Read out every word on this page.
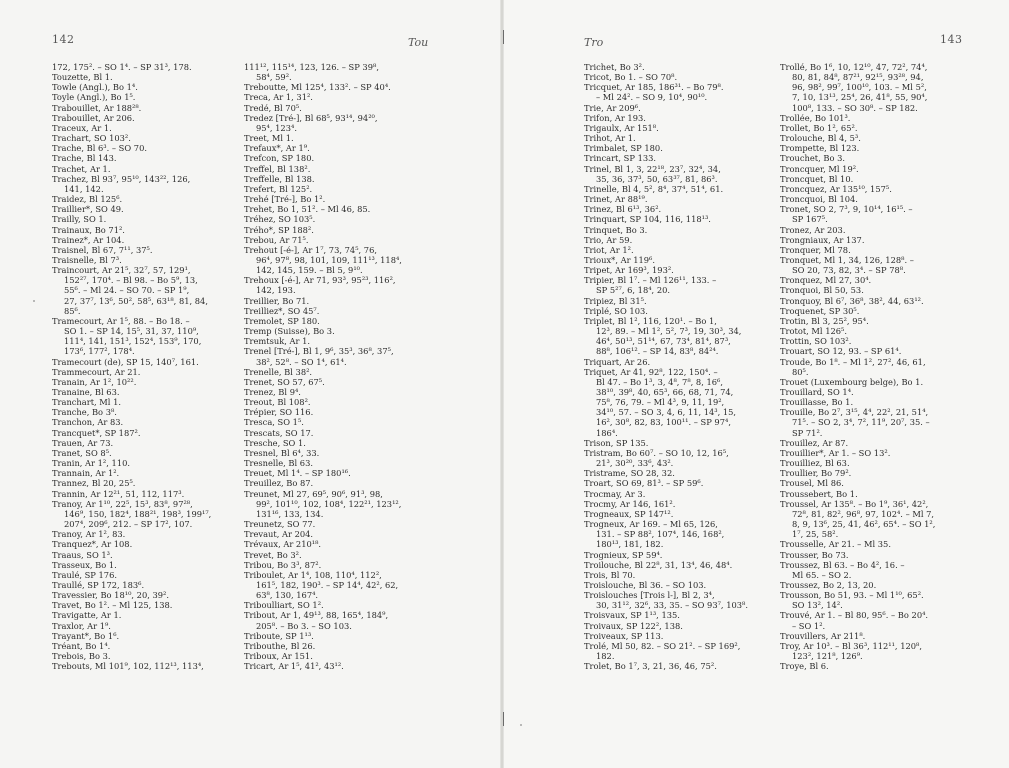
142	Tou
172, 175². – SO 1⁴. – SP 31³, 178.
Touzette, Bl 1.
Towle (Angl.), Bo 1⁴.
Toyle (Angl.), Bo 1⁵.
Trabouillet, Ar 188²⁸.
Trabouillet, Ar 206.
Traceux, Ar 1.
Trachart, SO 103².
Trache, Bl 6³. – SO 70.
Trache, Bl 143.
Trachet, Ar 1.
Trachez, Bl 93⁷, 95¹⁰, 143²², 126,
141, 142.
Traidez, Bl 125⁶.
Traillier*, SO 49.
Trailly, SO 1.
Trainaux, Bo 71².
Trainez*, Ar 104.
Traisnel, Bl 67, 7¹¹, 37⁵.
Traisnelle, Bl 7³.
Traincourt, Ar 21⁵, 32⁷, 57, 129¹,
152²⁷, 170⁴. – Bl 98. – Bo 5⁹, 13,
55⁶. – Ml 24. – SO 70. – SP 1⁹,
27, 37⁷, 13⁶, 50², 58⁵, 63¹⁸, 81, 84,
85⁶.
Tramecourt, Ar 1⁵, 88. – Bo 18. –
SO 1. – SP 14, 15⁵, 31, 37, 110⁹,
111⁴, 141, 151³, 152⁴, 153⁹, 170,
173⁶, 177², 178⁴.
Tramecourt (de), SP 15, 140⁷, 161.
Trammecourt, Ar 21.
Tranain, Ar 1², 10²².
Tranaine, Bl 63.
Tranchart, Ml 1.
Tranche, Bo 3⁸.
Tranchon, Ar 83.
Trancquet*, SP 187².
Trauen, Ar 73.
Tranet, SO 8⁵.
Tranin, Ar 1², 110.
Trannain, Ar 1².
Trannez, Bl 20, 25⁵.
Trannin, Ar 12²¹, 51, 112, 117³.
Tranoy, Ar 1¹⁰, 22⁵, 15³, 83⁸, 97²⁸,
146⁹, 150, 182⁴, 188²¹, 198³, 199¹⁷,
207⁴, 209⁶, 212. – SP 17², 107.
Tranoy, Ar 1², 83.
Tranquez*, Ar 108.
Traaus, SO 1³.
Trasseux, Bo 1.
Traulé, SP 176.
Traullé, SP 172, 183⁶.
Travessier, Bo 18¹⁰, 20, 39².
Travet, Bo 1². – Ml 125, 138.
Travigatte, Ar 1.
Traxlor, Ar 1⁹.
Trayant*, Bo 1⁶.
Tréant, Bo 1⁴.
Trebois, Bo 3.
Trebouts, Ml 101⁹, 102, 112¹³, 113⁴,
111¹², 115¹⁴, 123, 126. – SP 39⁸,
58⁴, 59².
Treboutte, Ml 125⁴, 133². – SP 40⁴.
Treca, Ar 1, 31².
Tredé, Bl 70⁵.
Tredez [Tré-], Bl 68⁵, 93¹⁴, 94²⁰,
95⁴, 123⁴.
Treet, Ml 1.
Trefaux*, Ar 1⁹.
Trefcon, SP 180.
Treffel, Bl 138².
Treffelle, Bl 138.
Trefert, Bl 125².
Trehé [Tré-], Bo 1².
Trehet, Bo 1, 51². – Ml 46, 85.
Tréhez, SO 103⁵.
Trého*, SP 188².
Trebou, Ar 71⁵.
Trehout [-é-], Ar 1⁷, 73, 74⁵, 76,
96⁴, 97⁸, 98, 101, 109, 111¹³, 118⁴,
142, 145, 159. – Bl 5, 9¹⁰.
Trehoux [-é-], Ar 71, 93³, 95²³, 116²,
142, 193.
Treillier, Bo 71.
Treilliez*, SO 45⁷.
Tremolet, SP 180.
Tremp (Suisse), Bo 3.
Tremtsuk, Ar 1.
Trenel [Tré-], Bl 1, 9⁶, 35³, 36⁸, 37⁵,
38², 52⁸. – SO 1⁴, 61⁴.
Trenelle, Bl 38².
Trenet, SO 57, 67⁵.
Trenez, Bl 9⁴.
Treout, Bl 108².
Trépier, SO 116.
Tresca, SO 1⁵.
Trescats, SO 17.
Tresche, SO 1.
Tresnel, Bl 6⁴, 33.
Tresnelle, Bl 63.
Treuet, Ml 1⁴. – SP 180¹⁶.
Treuillez, Bo 87.
Treunet, Ml 27, 69⁵, 90⁶, 91³, 98,
99², 101¹⁰, 102, 108⁴, 122²¹, 123¹²,
131¹⁶, 133, 134.
Treunetz, SO 77.
Trevaut, Ar 204.
Trévaux, Ar 210¹⁸.
Trevet, Bo 3².
Tribou, Bo 3³, 87².
Triboulet, Ar 1⁴, 108, 110⁴, 112²,
161⁵, 182, 190³. – SP 14⁴, 42², 62,
63⁸, 130, 167⁴.
Triboulliart, SO 1².
Tribout, Ar 1, 49¹³, 88, 165⁴, 184⁹,
205⁸. – Bo 3. – SO 103.
Triboute, SP 1¹³.
Tribouthe, Bl 26.
Triboux, Ar 151.
Tricart, Ar 1⁵, 41², 43¹².
Tro	143
Trichet, Bo 3².
Tricot, Bo 1. – SO 70⁸.
Tricquet, Ar 185, 186³¹. – Bo 79⁸.
– Ml 24². – SO 9, 10⁴, 90¹⁰.
Trie, Ar 209⁶.
Trifon, Ar 193.
Trigaulx, Ar 151⁸.
Trihot, Ar 1.
Trimbalet, SP 180.
Trincart, SP 133.
Trinel, Bl 1, 3, 22¹⁸, 23⁷, 32⁴, 34,
35, 36, 37³, 50, 63³⁷, 81, 86³.
Trinelle, Bl 4, 5², 8⁴, 37⁴, 51⁴, 61.
Trinet, Ar 88¹⁹.
Trinez, Bl 6¹³, 36².
Trinquart, SP 104, 116, 118¹³.
Trinquet, Bo 3.
Trio, Ar 59.
Triot, Ar 1².
Trioux*, Ar 119⁶.
Tripet, Ar 169³, 193².
Tripier, Bl 1⁷. – Ml 126¹¹, 133. –
SP 5²⁷, 6, 18⁴, 20.
Tripiez, Bl 31⁵.
Triplé, SO 103.
Triplet, Bl 1², 116, 120¹. – Bo 1,
12³, 89. – Ml 1², 5², 7³, 19, 30³, 34,
46⁴, 50¹³, 51¹⁴, 67, 73⁴, 81⁴, 87³,
88⁸, 106¹². – SP 14, 83⁸, 84²⁴.
Triquart, Ar 26.
Triquet, Ar 41, 92⁸, 122, 150⁴. –
Bl 47. – Bo 1³, 3, 4⁸, 7⁸, 8, 16⁶,
38¹⁰, 39⁸, 40, 65³, 66, 68, 71, 74,
75⁸, 76, 79. – Ml 4³, 9, 11, 19²,
34¹⁰, 57. – SO 3, 4, 6, 11, 14³, 15,
16², 30⁸, 82, 83, 100¹¹. – SP 97⁴,
186⁴.
Trison, SP 135.
Tristram, Bo 60⁷. – SO 10, 12, 16⁵,
21³, 30²⁰, 33⁶, 43².
Tristrame, SO 28, 32.
Troart, SO 69, 81³. – SP 59⁶.
Trocmay, Ar 3.
Trocmy, Ar 146, 161².
Trogneaux, SP 147¹².
Trogneux, Ar 169. – Ml 65, 126,
131. – SP 88², 107⁴, 146, 168²,
180¹³, 181, 182.
Trognieux, SP 59⁴.
Troilouche, Bl 22⁸, 31, 13⁴, 46, 48⁴.
Trois, Bl 70.
Troislouche, Bl 36. – SO 103.
Troislouches [Trois l-], Bl 2, 3⁴,
30, 31¹², 32⁶, 33, 35. – SO 93⁷, 103⁸.
Troisvaux, SP 1¹³, 135.
Troivaux, SP 122², 138.
Troiveaux, SP 113.
Trolé, Ml 50, 82. – SO 21². – SP 169²,
182.
Trolet, Bo 1⁷, 3, 21, 36, 46, 75².
Trollé, Bo 1⁶, 10, 12¹⁰, 47, 72², 74⁴,
80, 81, 84⁸, 87²¹, 92¹⁵, 93²⁸, 94,
96, 98², 99⁷, 100¹⁰, 103. – Ml 5²,
7, 10, 13¹³, 25⁴, 26, 41⁸, 55, 90⁴,
100⁸, 133. – SO 30⁸. – SP 182.
Trollée, Bo 101³.
Trollet, Bo 1², 65².
Trolouche, Bl 4, 5³.
Trompette, Bl 123.
Trouchet, Bo 3.
Troncquer, Ml 19².
Troncquet, Bl 10.
Troncquez, Ar 135¹⁰, 157⁵.
Troncquoi, Bl 104.
Tronet, SO 2, 7³, 9, 10¹⁴, 16¹⁵. –
SP 167⁵.
Tronez, Ar 203.
Trongniaux, Ar 137.
Tronquer, Ml 78.
Tronquet, Ml 1, 34, 126, 128⁸. –
SO 20, 73, 82, 3⁴. – SP 78⁸.
Tronquez, Ml 27, 30⁴.
Tronquoi, Bl 50, 53.
Tronquoy, Bl 6⁷, 36⁸, 38², 44, 63¹².
Troquenet, SP 30⁵.
Trotin, Bl 3, 25², 95⁴.
Trotot, Ml 126⁵.
Trottin, SO 103².
Trouart, SO 12, 93. – SP 61⁴.
Troude, Bo 1⁸. – Ml 1², 27², 46, 61,
80⁵.
Trouet (Luxembourg belge), Bo 1.
Trouillard, SO 1⁴.
Trouillasse, Bo 1.
Trouille, Bo 2⁷, 3¹⁵, 4⁴, 22², 21, 51⁴,
71⁵. – SO 2, 3⁴, 7², 11⁹, 20⁷, 35. –
SP 71².
Trouillez, Ar 87.
Trouillier*, Ar 1. – SO 13².
Trouilliez, Bl 63.
Troullier, Bo 79².
Trousel, Ml 86.
Troussebert, Bo 1.
Troussel, Ar 135⁸. – Bo 1⁹, 36¹, 42²,
72⁸, 81, 82², 96⁸, 97, 102⁴. – Ml 7,
8, 9, 13⁶, 25, 41, 46², 65⁴. – SO 1²,
1⁷, 25, 58².
Trousselle, Ar 21. – Ml 35.
Trousser, Bo 73.
Troussez, Bl 63. – Bo 4², 16. –
Ml 65. – SO 2.
Troussez, Bo 2, 13, 20.
Trousson, Bo 51, 93. – Ml 1¹⁰, 65².
SO 13², 14².
Trouvé, Ar 1. – Bl 80, 95⁶. – Bo 20⁴.
– SO 1².
Trouvillers, Ar 211⁸.
Troy, Ar 10³. – Bl 36³, 112¹¹, 120⁸,
123², 121⁸, 126⁹.
Troye, Bl 6.
